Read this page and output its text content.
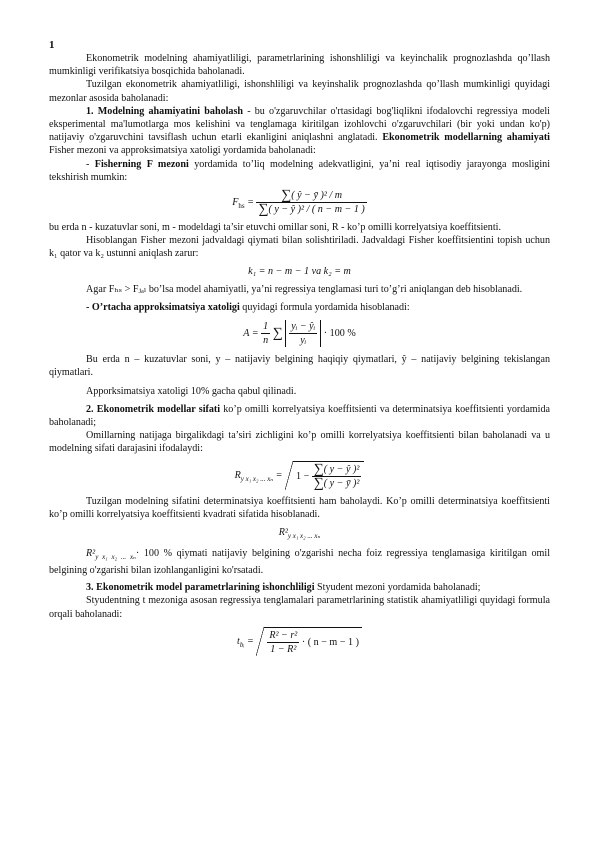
1

Ekonometrik modelning ahamiyatliligi, parametrlarining ishonshliligi va keyinchalik prognozlashda qo’llash mumkinligi verifikatsiya bosqichida baholanadi.

Tuzilgan ekonometrik ahamiyatliligi, ishonshliligi va keyinshalik prognozlashda qo’llash mumkinligi quyidagi mezonlar asosida baholanadi:

1. Modelning ahamiyatini baholash - bu o'zgaruvchilar o'rtasidagi bog'liqlikni ifodalovchi regressiya modeli eksperimental ma'lumotlarga mos kelishini va tenglamaga kiritilgan izohlovchi o'zgaruvchilari (bir yoki undan ko'p) natijaviy o'zgaruvchini tavsiflash uchun etarli ekanligini aniqlashni anglatadi. Ekonometrik modellarning ahamiyati Fisher mezoni va approksimatsiya xatoligi yordamida baholanadi:

- Fisherning F mezoni yordamida to’liq modelning adekvatligini, ya’ni real iqtisodiy jarayonga mosligini tekshirish mumkin:

$F_{hs} = \frac{\text{∑( ŷ − ȳ )² / m}}{\text{∑( y − ŷ )² / ( n − m − 1 )}}$

bu erda n - kuzatuvlar soni, m - modeldagi ta’sir etuvchi omillar soni, R - ko’p omilli korrelyatsiya koeffitsienti.

Hisoblangan Fisher mezoni jadvaldagi qiymati bilan solishtiriladi. Jadvaldagi Fisher koeffitsientini topish uchun k₁ qator va k₂ ustunni aniqlash zarur:

k₁ = n − m − 1 va k₂ = m

Agar Fₕₛ > Fⱼₐₗ bo’lsa model ahamiyatli, ya’ni regressiya tenglamasi turi to’g’ri aniqlangan deb hisoblanadi.

- O’rtacha approksimatsiya xatoligi quyidagi formula yordamida hisoblanadi:

$A = \frac{1}{n}$ ∑ $\frac{\text{yᵢ − ŷᵢ}}{\text{yᵢ}} \cdot 100$ %

Bu erda n – kuzatuvlar soni, y – natijaviy belgining haqiqiy qiymatlari, ŷ – natijaviy belgining tekislangan qiymatlari.

Apporksimatsiya xatoligi 10% gacha qabul qilinadi.

2. Ekonometrik modellar sifati ko’p omilli korrelyatsiya koeffitsienti va determinatsiya koeffitsienti yordamida baholanadi;

Omillarning natijaga birgalikdagi ta’siri zichligini ko’p omilli korrelyatsiya koeffitsienti bilan baholanadi va u modelning sifati darajasini ifodalaydi:

$R_{y x_1 x_2 ... x_n} = 1 - \frac{\text{∑( y − ŷ )²}}{\text{∑( y − ȳ )²}}$

Tuzilgan modelning sifatini determinatsiya koeffitsienti ham baholaydi. Ko’p omilli determinatsiya koeffitsienti ko’p omilli korrelyatsiya koeffitsienti kvadrati sifatida hisoblanadi.

$R^2_{y x_1 x_2 ... x_n}$

$R^2_{y x_1 x_2 ... x_n}\cdot 100$ % qiymati natijaviy belgining o'zgarishi necha foiz regressiya tenglamasiga kiritilgan omil belgining o'zgarishi bilan izohlanganligini ko'rsatadi.

3. Ekonometrik model parametrlarining ishonchliligi Styudent mezoni yordamida baholanadi;

Styudentning t mezoniga asosan regressiya tenglamalari parametrlarining statistik ahamiyatliligi quyidagi formula orqali baholanadi:

$t_{bᵢ} = \frac{\text{R² − r²}}{\text{1 − R²}}$ · ( n − m − 1 )
